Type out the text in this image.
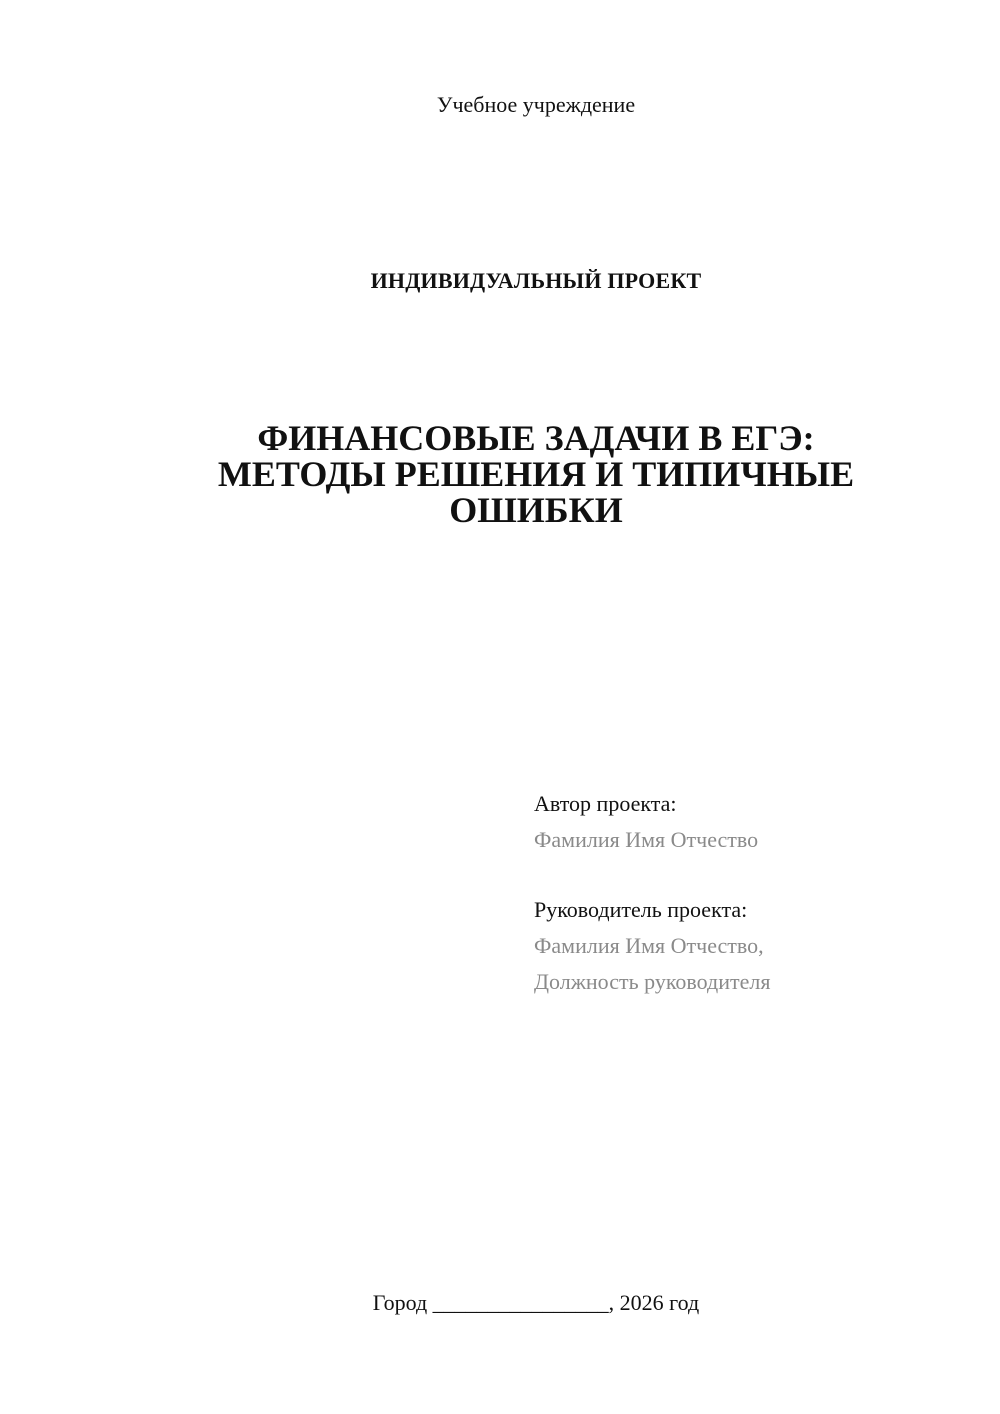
Учебное учреждение
ИНДИВИДУАЛЬНЫЙ ПРОЕКТ
ФИНАНСОВЫЕ ЗАДАЧИ В ЕГЭ:
МЕТОДЫ РЕШЕНИЯ И ТИПИЧНЫЕ
ОШИБКИ
Автор проекта:
Фамилия Имя Отчество
Руководитель проекта:
Фамилия Имя Отчество,
Должность руководителя
Город ________________, 2026 год
